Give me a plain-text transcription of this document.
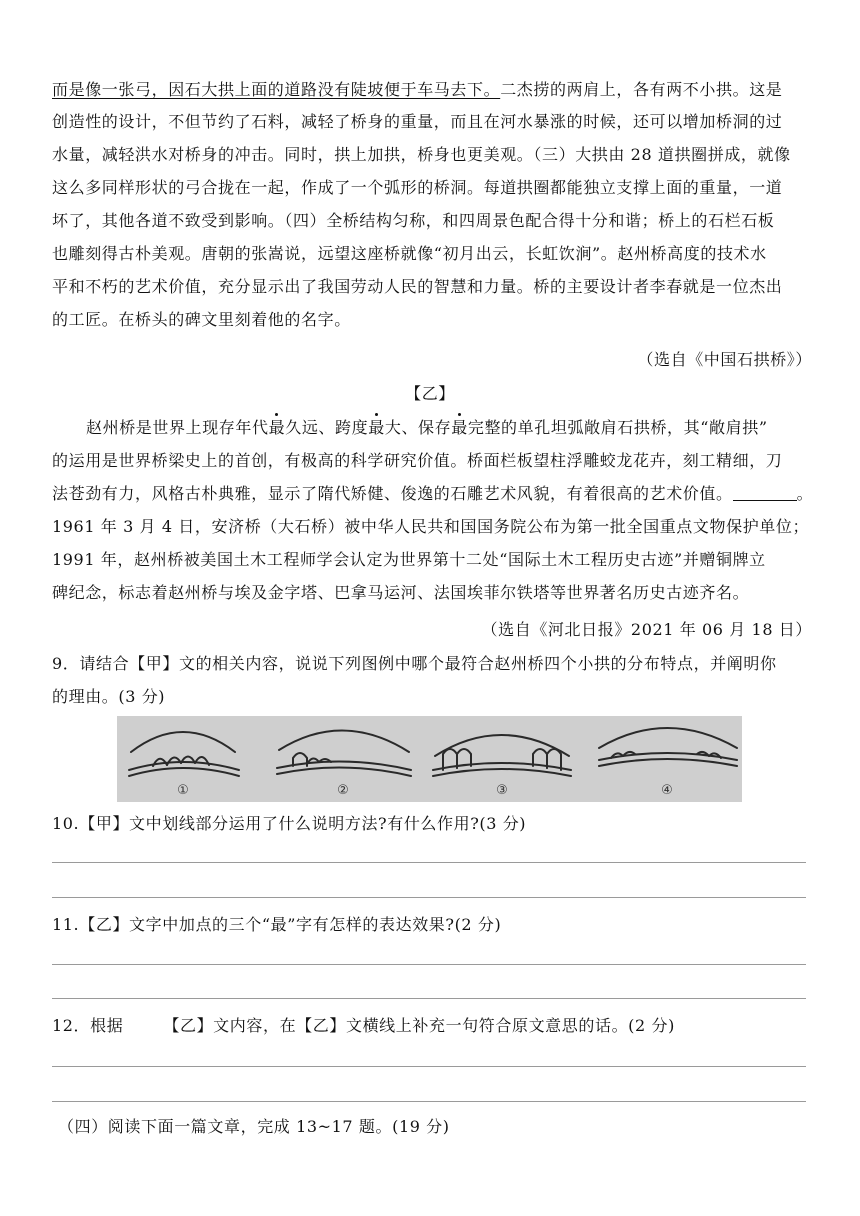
而是像一张弓，因石大拱上面的道路没有陡坡便于车马去下。二杰捞的两肩上，各有两不小拱。这是
创造性的设计，不但节约了石料，减轻了桥身的重量，而且在河水暴涨的时候，还可以增加桥洞的过
水量，减轻洪水对桥身的冲击。同时，拱上加拱，桥身也更美观。（三）大拱由 28 道拱圈拼成，就像
这么多同样形状的弓合拢在一起，作成了一个弧形的桥洞。每道拱圈都能独立支撑上面的重量，一道
坏了，其他各道不致受到影响。（四）全桥结构匀称，和四周景色配合得十分和谐；桥上的石栏石板
也雕刻得古朴美观。唐朝的张嵩说，远望这座桥就像“初月出云，长虹饮涧”。赵州桥高度的技术水
平和不朽的艺术价值，充分显示出了我国劳动人民的智慧和力量。桥的主要设计者李春就是一位杰出
的工匠。在桥头的碑文里刻着他的名字。
（选自《中国石拱桥》）
【乙】
赵州桥是世界上现存年代最久远、跨度最大、保存最完整的单孔坦弧敞肩石拱桥，其“敞肩拱”
的运用是世界桥梁史上的首创，有极高的科学研究价值。桥面栏板望柱浮雕蛟龙花卉，刻工精细，刀
法苍劲有力，风格古朴典雅，显示了隋代矫健、俊逸的石雕艺术风貌，有着很高的艺术价值。	。
1961 年 3 月 4 日，安济桥（大石桥）被中华人民共和国国务院公布为第一批全国重点文物保护单位；
1991 年，赵州桥被美国土木工程师学会认定为世界第十二处“国际土木工程历史古迹”并赠铜牌立
碑纪念，标志着赵州桥与埃及金字塔、巴拿马运河、法国埃菲尔铁塔等世界著名历史古迹齐名。
（选自《河北日报》2021 年 06 月 18 日）
9．请结合【甲】文的相关内容，说说下列图例中哪个最符合赵州桥四个小拱的分布特点，并阐明你
的理由。(3 分)
①	②	③	④
10.【甲】文中划线部分运用了什么说明方法?有什么作用?(3 分)
11.【乙】文字中加点的三个“最”字有怎样的表达效果?(2 分)
12．根据	【乙】文内容，在【乙】文横线上补充一句符合原文意思的话。(2 分)
（四）阅读下面一篇文章，完成 13~17 题。(19 分)
